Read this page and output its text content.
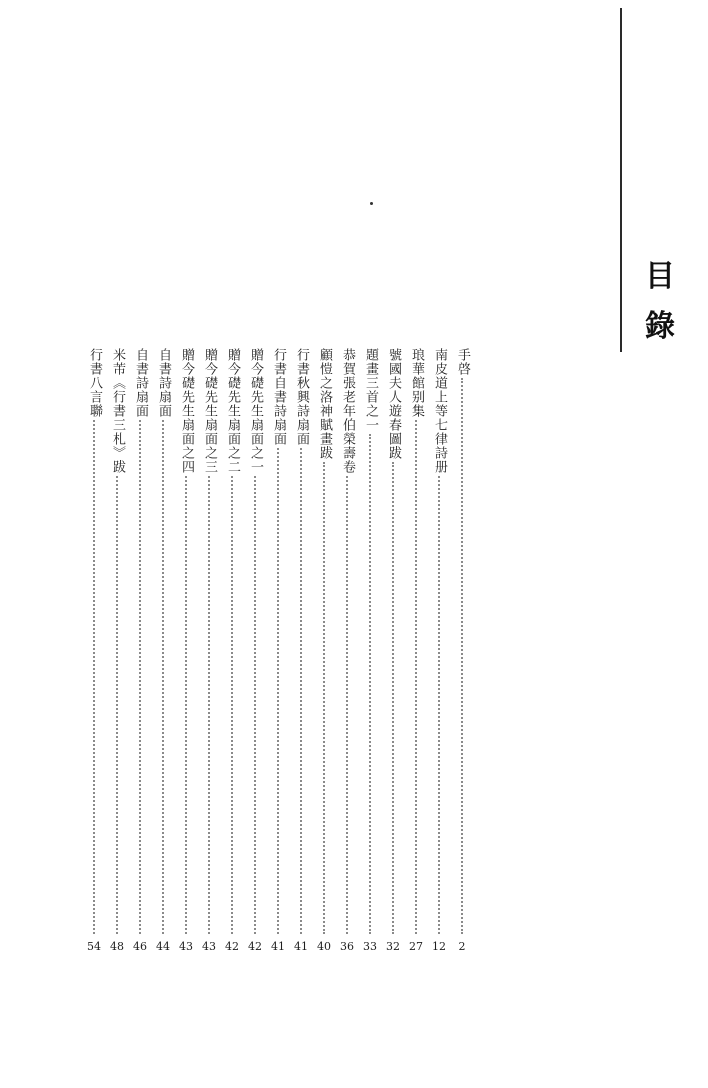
目
錄
手啓
2
南皮道上等七律詩册
12
琅華館别集
27
號國夫人遊春圖跋
32
題畫三首之一
33
恭賀張老年伯榮壽卷
36
顧愷之洛神賦畫跋
40
行書秋興詩扇面
41
行書自書詩扇面
41
贈今礎先生扇面之一
42
贈今礎先生扇面之二
42
贈今礎先生扇面之三
43
贈今礎先生扇面之四
43
自書詩扇面
44
自書詩扇面
46
米芾《行書三札》跋
48
行書八言聯
54
